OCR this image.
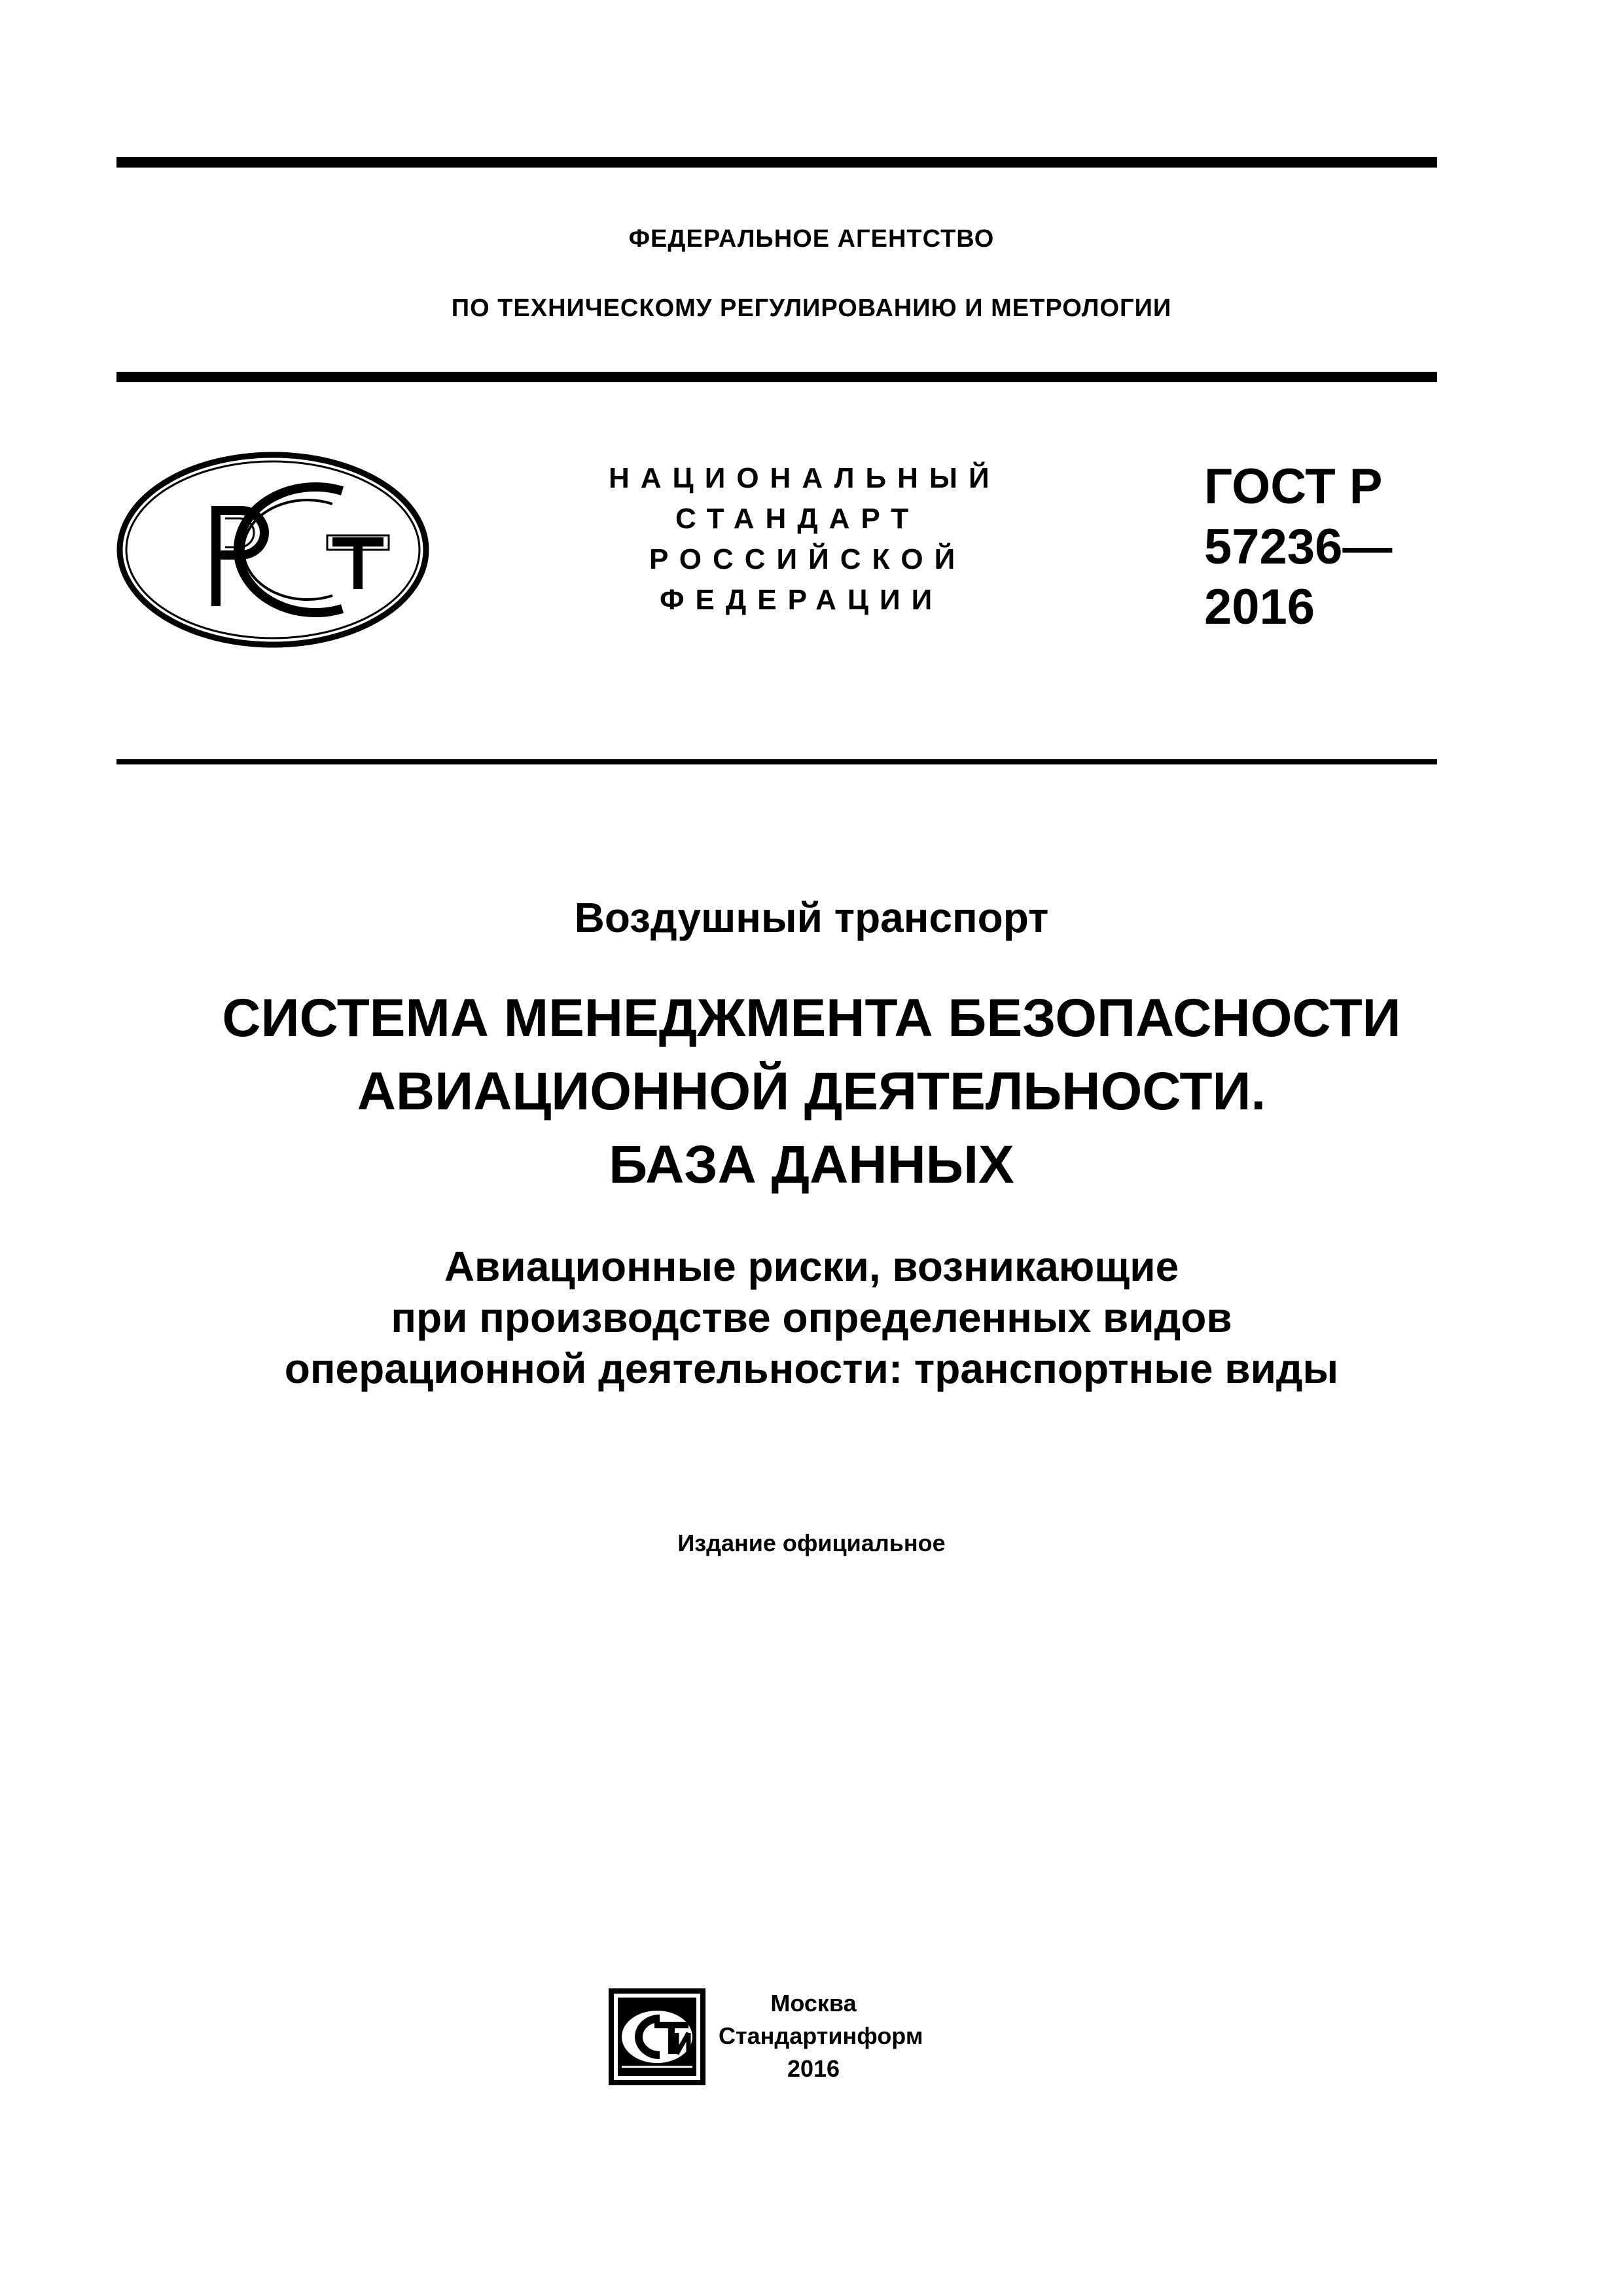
ФЕДЕРАЛЬНОЕ АГЕНТСТВО
ПО ТЕХНИЧЕСКОМУ РЕГУЛИРОВАНИЮ И МЕТРОЛОГИИ
НАЦИОНАЛЬНЫЙ
СТАНДАРТ
РОССИЙСКОЙ
ФЕДЕРАЦИИ
ГОСТ Р
57236—
2016
Воздушный транспорт
СИСТЕМА МЕНЕДЖМЕНТА БЕЗОПАСНОСТИ
АВИАЦИОННОЙ ДЕЯТЕЛЬНОСТИ.
БАЗА ДАННЫХ
Авиационные риски, возникающие
при производстве определенных видов
операционной деятельности: транспортные виды
Издание официальное
Москва
Стандартинформ
2016
